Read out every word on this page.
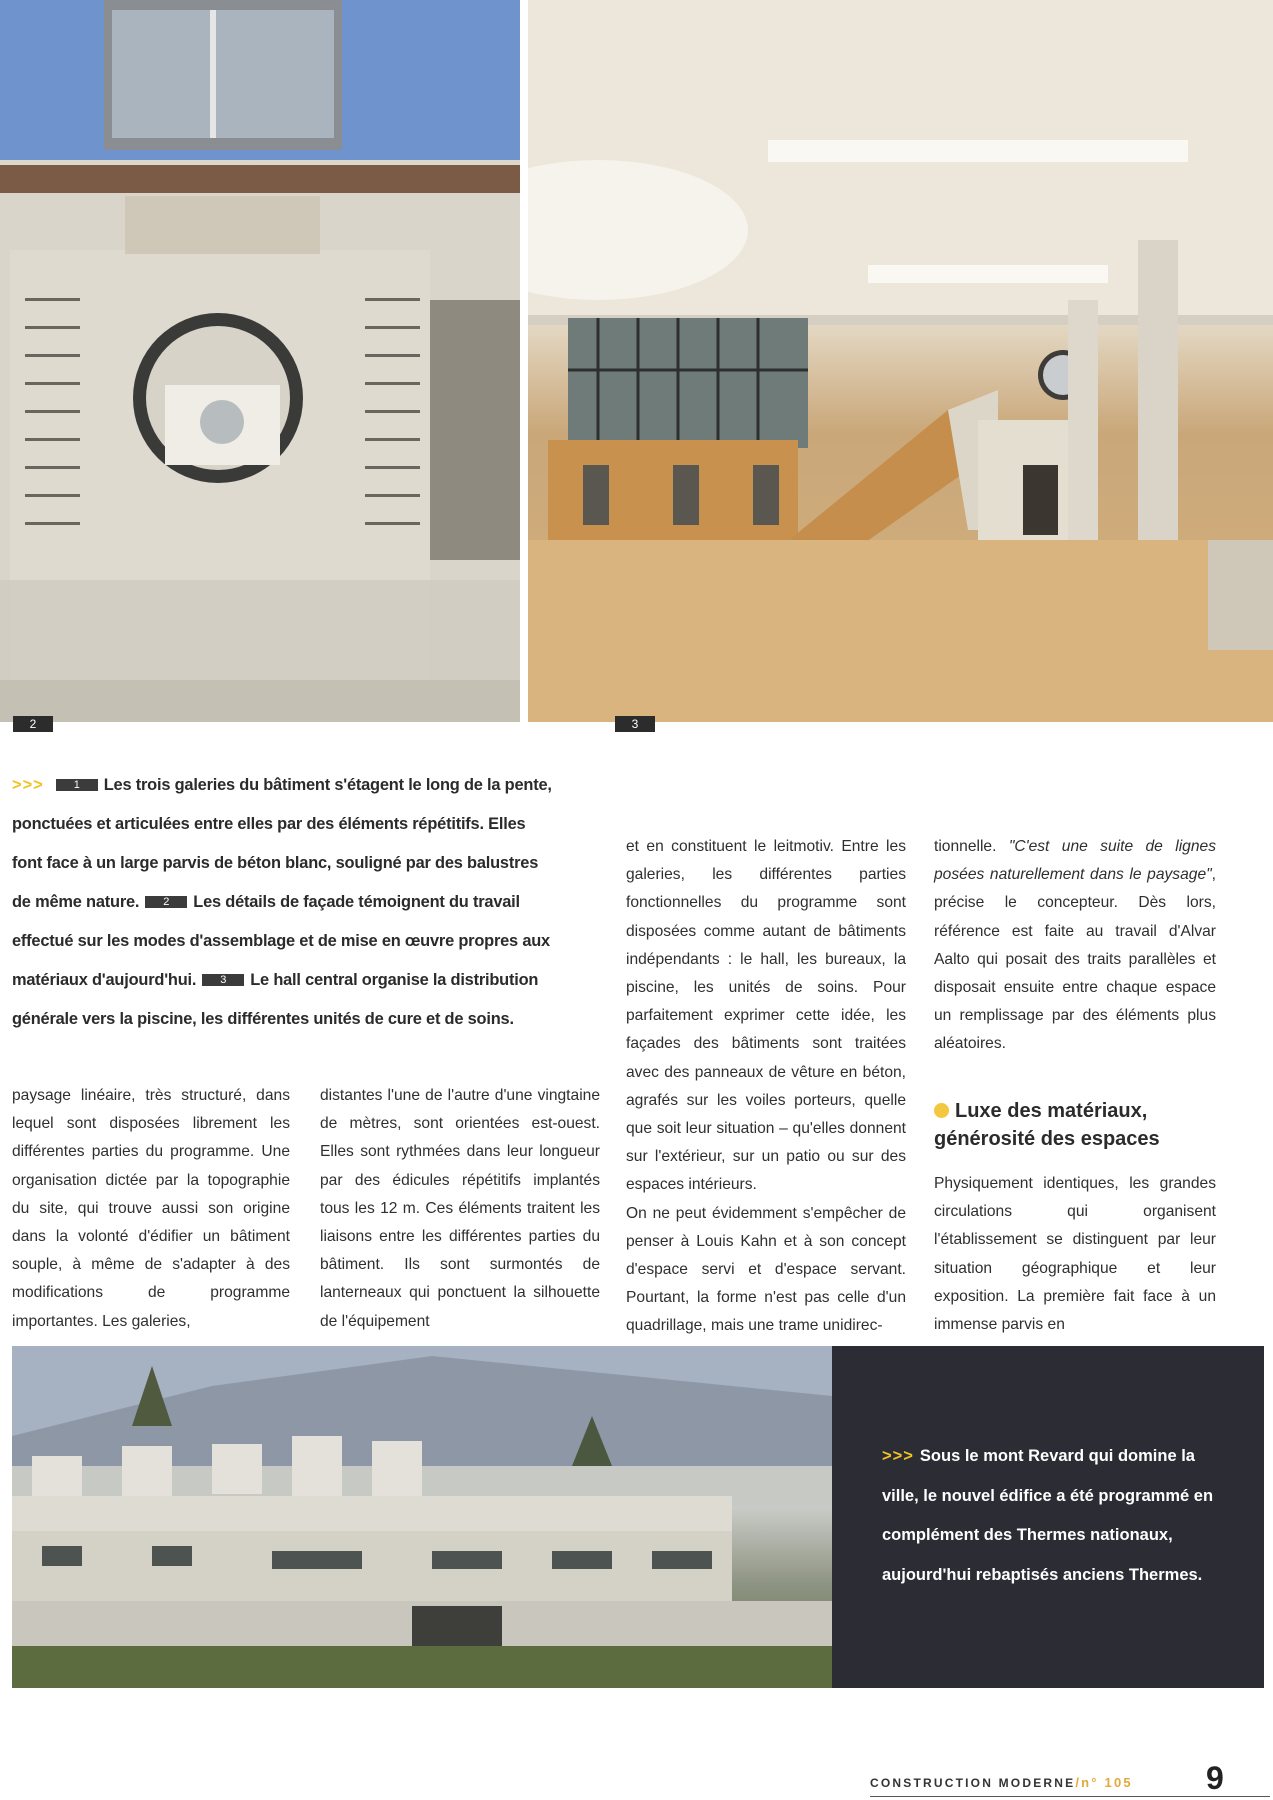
2	3
>>>	1 Les trois galeries du bâtiment s'étagent le long de la pente, ponctuées et articulées entre elles par des éléments répétitifs. Elles font face à un large parvis de béton blanc, souligné par des balustres de même nature. 2 Les détails de façade témoignent du travail effectué sur les modes d'assemblage et de mise en œuvre propres aux matériaux d'aujourd'hui. 3 Le hall central organise la distribution générale vers la piscine, les différentes unités de cure et de soins.

paysage linéaire, très structuré, dans lequel sont disposées librement les différentes parties du programme. Une organisation dictée par la topographie du site, qui trouve aussi son origine dans la volonté d'édifier un bâtiment souple, à même de s'adapter à des modifications de programme importantes. Les galeries,

distantes l'une de l'autre d'une vingtaine de mètres, sont orientées est-ouest. Elles sont rythmées dans leur longueur par des édicules répétitifs implantés tous les 12 m. Ces éléments traitent les liaisons entre les différentes parties du bâtiment. Ils sont surmontés de lanterneaux qui ponctuent la silhouette de l'équipement

et en constituent le leitmotiv. Entre les galeries, les différentes parties fonctionnelles du programme sont disposées comme autant de bâtiments indépendants : le hall, les bureaux, la piscine, les unités de soins. Pour parfaitement exprimer cette idée, les façades des bâtiments sont traitées avec des panneaux de vêture en béton, agrafés sur les voiles porteurs, quelle que soit leur situation – qu'elles donnent sur l'extérieur, sur un patio ou sur des espaces intérieurs.

On ne peut évidemment s'empêcher de penser à Louis Kahn et à son concept d'espace servi et d'espace servant. Pourtant, la forme n'est pas celle d'un quadrillage, mais une trame unidirec-

tionnelle. "C'est une suite de lignes posées naturellement dans le paysage", précise le concepteur. Dès lors, référence est faite au travail d'Alvar Aalto qui posait des traits parallèles et disposait ensuite entre chaque espace un remplissage par des éléments plus aléatoires.

Luxe des matériaux,
générosité des espaces

Physiquement identiques, les grandes circulations qui organisent l'établissement se distinguent par leur situation géographique et leur exposition. La première fait face à un immense parvis en

>>> Sous le mont Revard qui domine la ville, le nouvel édifice a été programmé en complément des Thermes nationaux, aujourd'hui rebaptisés anciens Thermes.
CONSTRUCTION MODERNE/n° 105 9
